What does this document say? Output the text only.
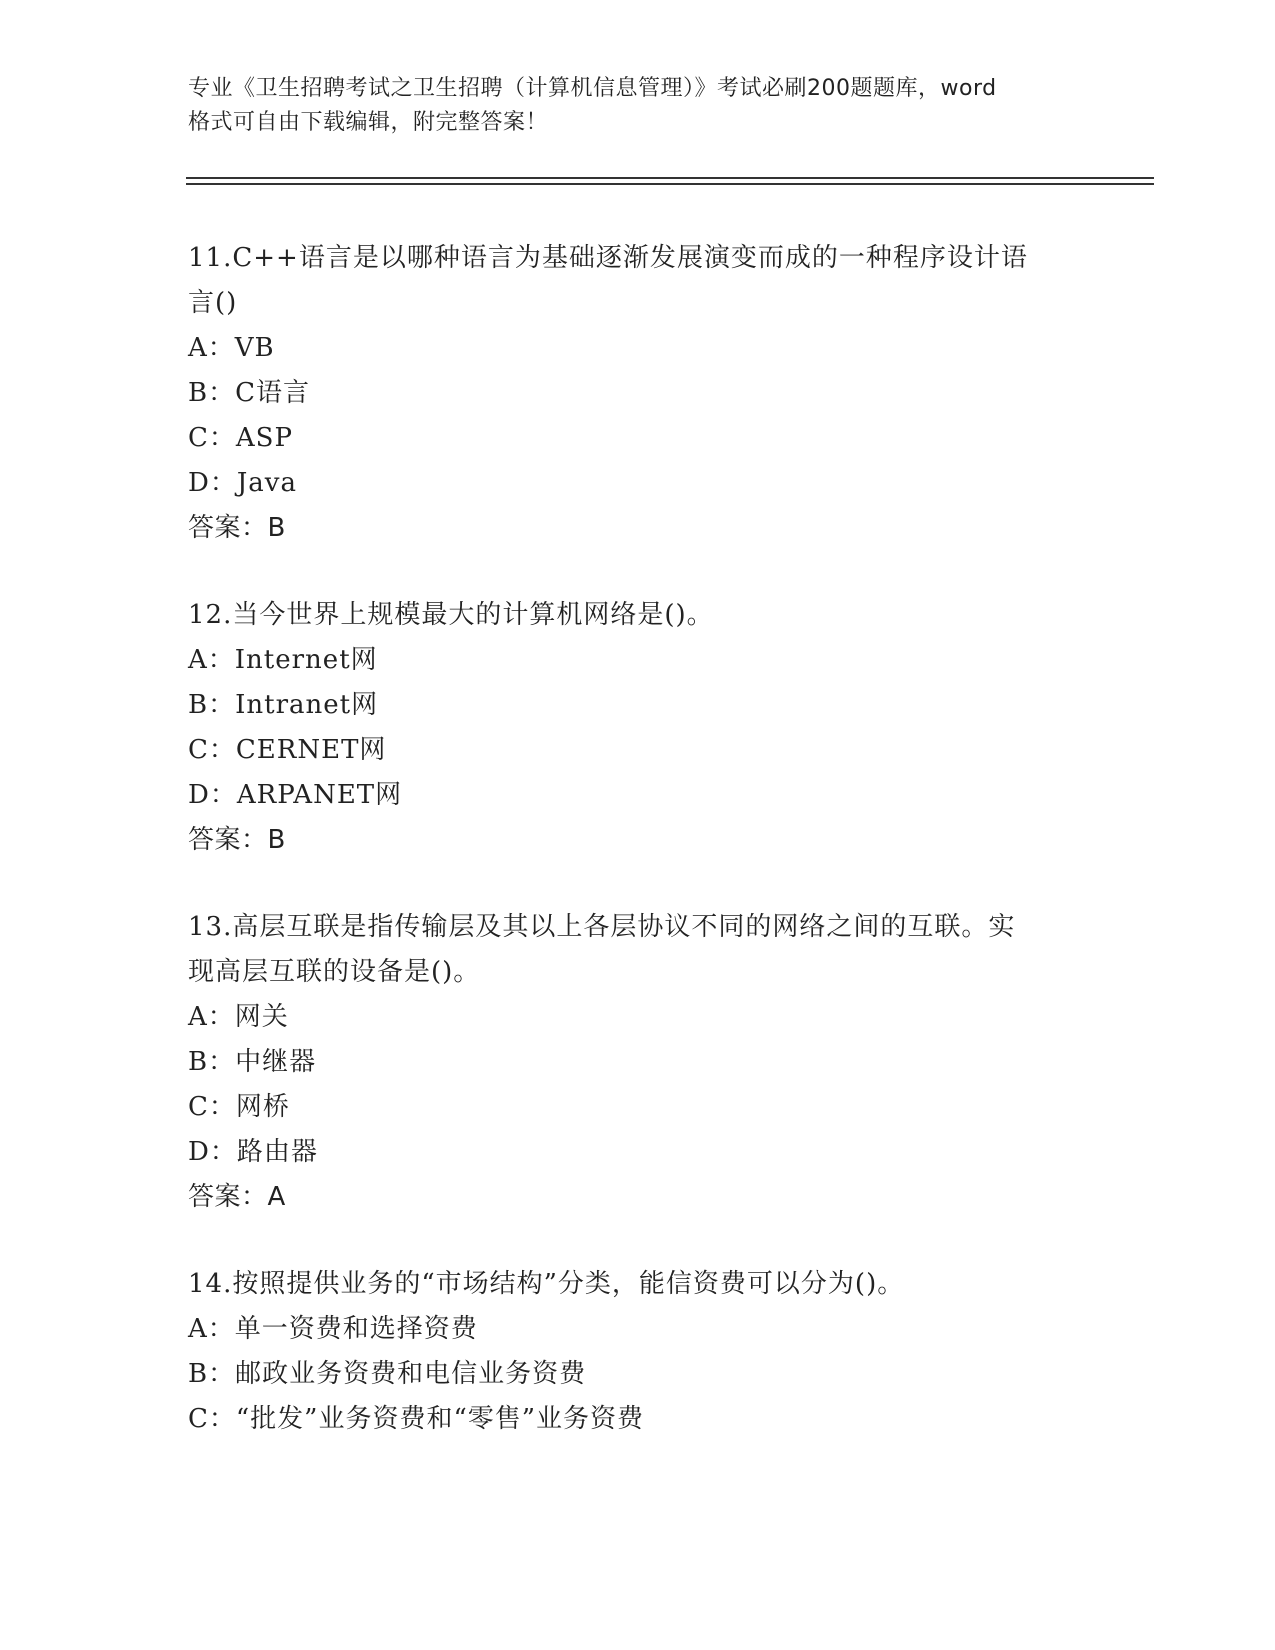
专业《卫生招聘考试之卫生招聘（计算机信息管理）》考试必刷200题题库，word
格式可自由下载编辑，附完整答案！
11.C++语言是以哪种语言为基础逐渐发展演变而成的一种程序设计语
言()
A：VB
B：C语言
C：ASP
D：Java
答案：B
12.当今世界上规模最大的计算机网络是()。
A：Internet网
B：Intranet网
C：CERNET网
D：ARPANET网
答案：B
13.高层互联是指传输层及其以上各层协议不同的网络之间的互联。实
现高层互联的设备是()。
A：网关
B：中继器
C：网桥
D：路由器
答案：A
14.按照提供业务的“市场结构”分类，能信资费可以分为()。
A：单一资费和选择资费
B：邮政业务资费和电信业务资费
C：“批发”业务资费和“零售”业务资费
